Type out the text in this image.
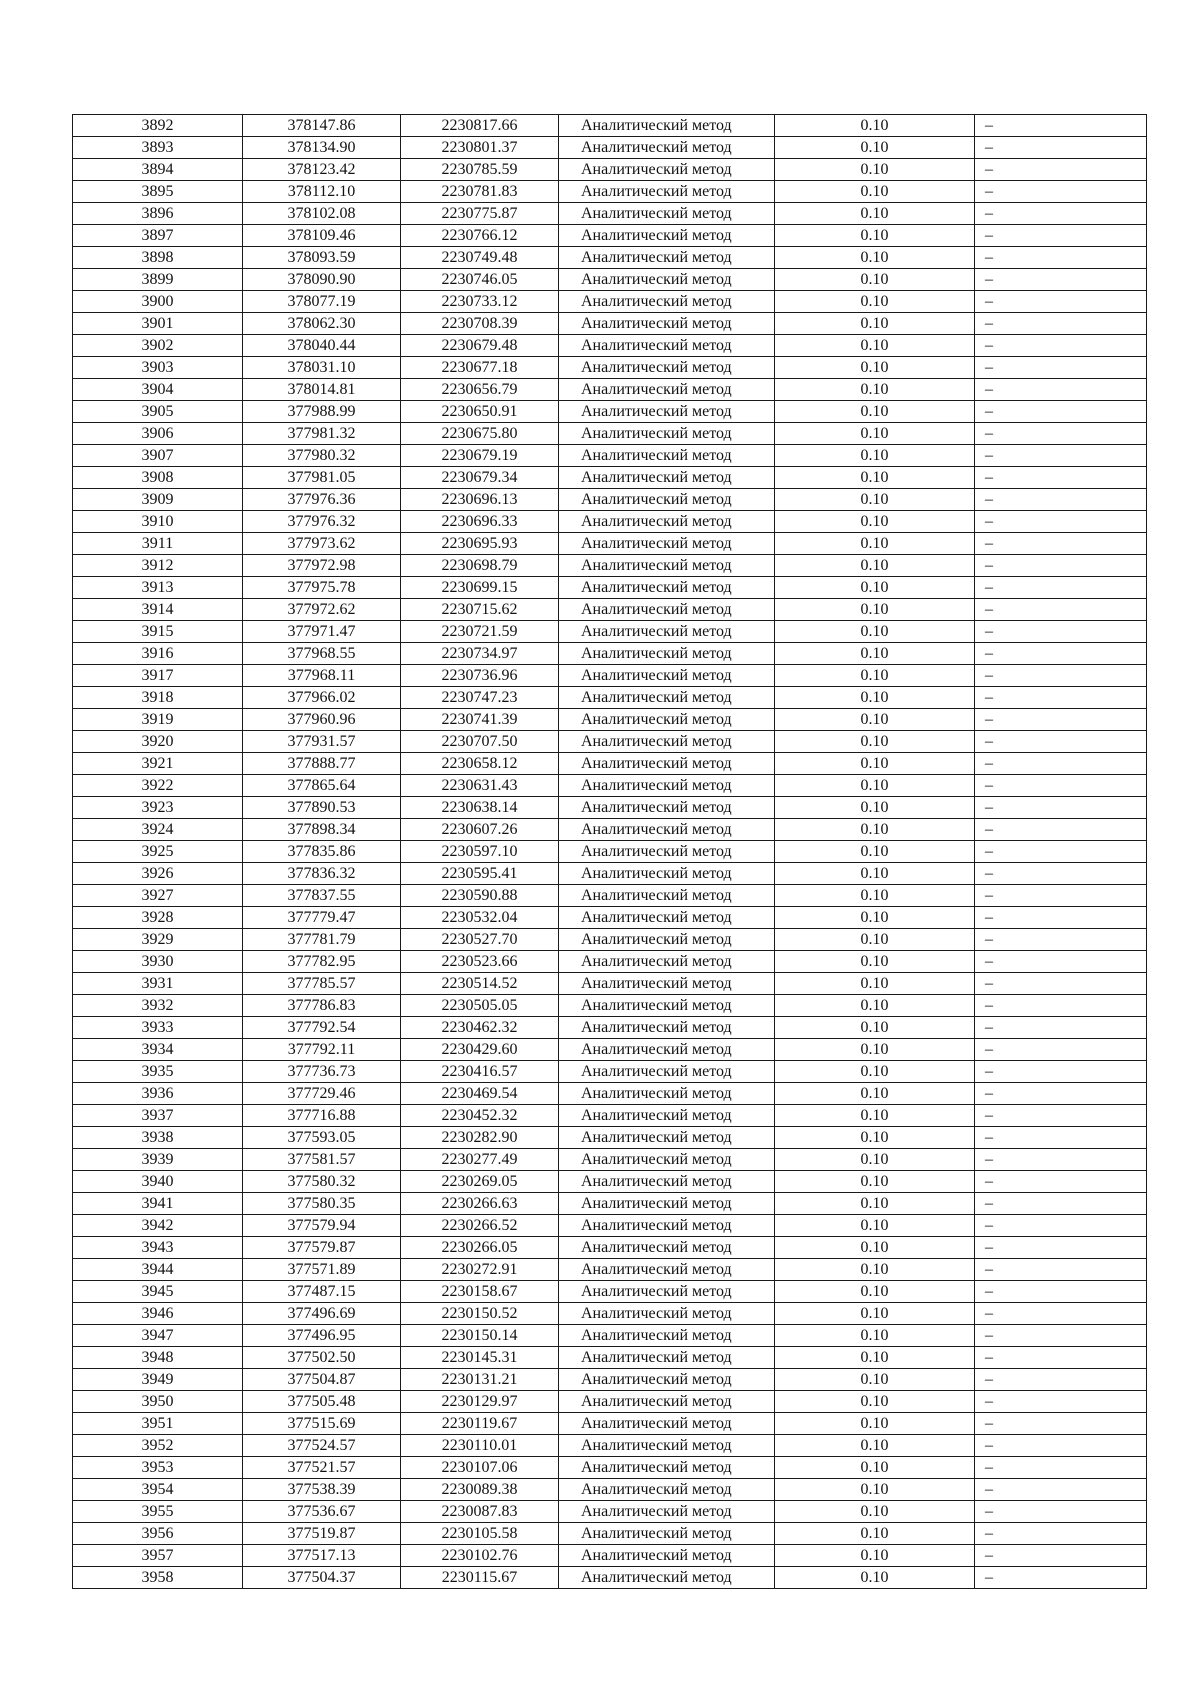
3892	378147.86	2230817.66	Аналитический метод	0.10	–
3893	378134.90	2230801.37	Аналитический метод	0.10	–
3894	378123.42	2230785.59	Аналитический метод	0.10	–
3895	378112.10	2230781.83	Аналитический метод	0.10	–
3896	378102.08	2230775.87	Аналитический метод	0.10	–
3897	378109.46	2230766.12	Аналитический метод	0.10	–
3898	378093.59	2230749.48	Аналитический метод	0.10	–
3899	378090.90	2230746.05	Аналитический метод	0.10	–
3900	378077.19	2230733.12	Аналитический метод	0.10	–
3901	378062.30	2230708.39	Аналитический метод	0.10	–
3902	378040.44	2230679.48	Аналитический метод	0.10	–
3903	378031.10	2230677.18	Аналитический метод	0.10	–
3904	378014.81	2230656.79	Аналитический метод	0.10	–
3905	377988.99	2230650.91	Аналитический метод	0.10	–
3906	377981.32	2230675.80	Аналитический метод	0.10	–
3907	377980.32	2230679.19	Аналитический метод	0.10	–
3908	377981.05	2230679.34	Аналитический метод	0.10	–
3909	377976.36	2230696.13	Аналитический метод	0.10	–
3910	377976.32	2230696.33	Аналитический метод	0.10	–
3911	377973.62	2230695.93	Аналитический метод	0.10	–
3912	377972.98	2230698.79	Аналитический метод	0.10	–
3913	377975.78	2230699.15	Аналитический метод	0.10	–
3914	377972.62	2230715.62	Аналитический метод	0.10	–
3915	377971.47	2230721.59	Аналитический метод	0.10	–
3916	377968.55	2230734.97	Аналитический метод	0.10	–
3917	377968.11	2230736.96	Аналитический метод	0.10	–
3918	377966.02	2230747.23	Аналитический метод	0.10	–
3919	377960.96	2230741.39	Аналитический метод	0.10	–
3920	377931.57	2230707.50	Аналитический метод	0.10	–
3921	377888.77	2230658.12	Аналитический метод	0.10	–
3922	377865.64	2230631.43	Аналитический метод	0.10	–
3923	377890.53	2230638.14	Аналитический метод	0.10	–
3924	377898.34	2230607.26	Аналитический метод	0.10	–
3925	377835.86	2230597.10	Аналитический метод	0.10	–
3926	377836.32	2230595.41	Аналитический метод	0.10	–
3927	377837.55	2230590.88	Аналитический метод	0.10	–
3928	377779.47	2230532.04	Аналитический метод	0.10	–
3929	377781.79	2230527.70	Аналитический метод	0.10	–
3930	377782.95	2230523.66	Аналитический метод	0.10	–
3931	377785.57	2230514.52	Аналитический метод	0.10	–
3932	377786.83	2230505.05	Аналитический метод	0.10	–
3933	377792.54	2230462.32	Аналитический метод	0.10	–
3934	377792.11	2230429.60	Аналитический метод	0.10	–
3935	377736.73	2230416.57	Аналитический метод	0.10	–
3936	377729.46	2230469.54	Аналитический метод	0.10	–
3937	377716.88	2230452.32	Аналитический метод	0.10	–
3938	377593.05	2230282.90	Аналитический метод	0.10	–
3939	377581.57	2230277.49	Аналитический метод	0.10	–
3940	377580.32	2230269.05	Аналитический метод	0.10	–
3941	377580.35	2230266.63	Аналитический метод	0.10	–
3942	377579.94	2230266.52	Аналитический метод	0.10	–
3943	377579.87	2230266.05	Аналитический метод	0.10	–
3944	377571.89	2230272.91	Аналитический метод	0.10	–
3945	377487.15	2230158.67	Аналитический метод	0.10	–
3946	377496.69	2230150.52	Аналитический метод	0.10	–
3947	377496.95	2230150.14	Аналитический метод	0.10	–
3948	377502.50	2230145.31	Аналитический метод	0.10	–
3949	377504.87	2230131.21	Аналитический метод	0.10	–
3950	377505.48	2230129.97	Аналитический метод	0.10	–
3951	377515.69	2230119.67	Аналитический метод	0.10	–
3952	377524.57	2230110.01	Аналитический метод	0.10	–
3953	377521.57	2230107.06	Аналитический метод	0.10	–
3954	377538.39	2230089.38	Аналитический метод	0.10	–
3955	377536.67	2230087.83	Аналитический метод	0.10	–
3956	377519.87	2230105.58	Аналитический метод	0.10	–
3957	377517.13	2230102.76	Аналитический метод	0.10	–
3958	377504.37	2230115.67	Аналитический метод	0.10	–
